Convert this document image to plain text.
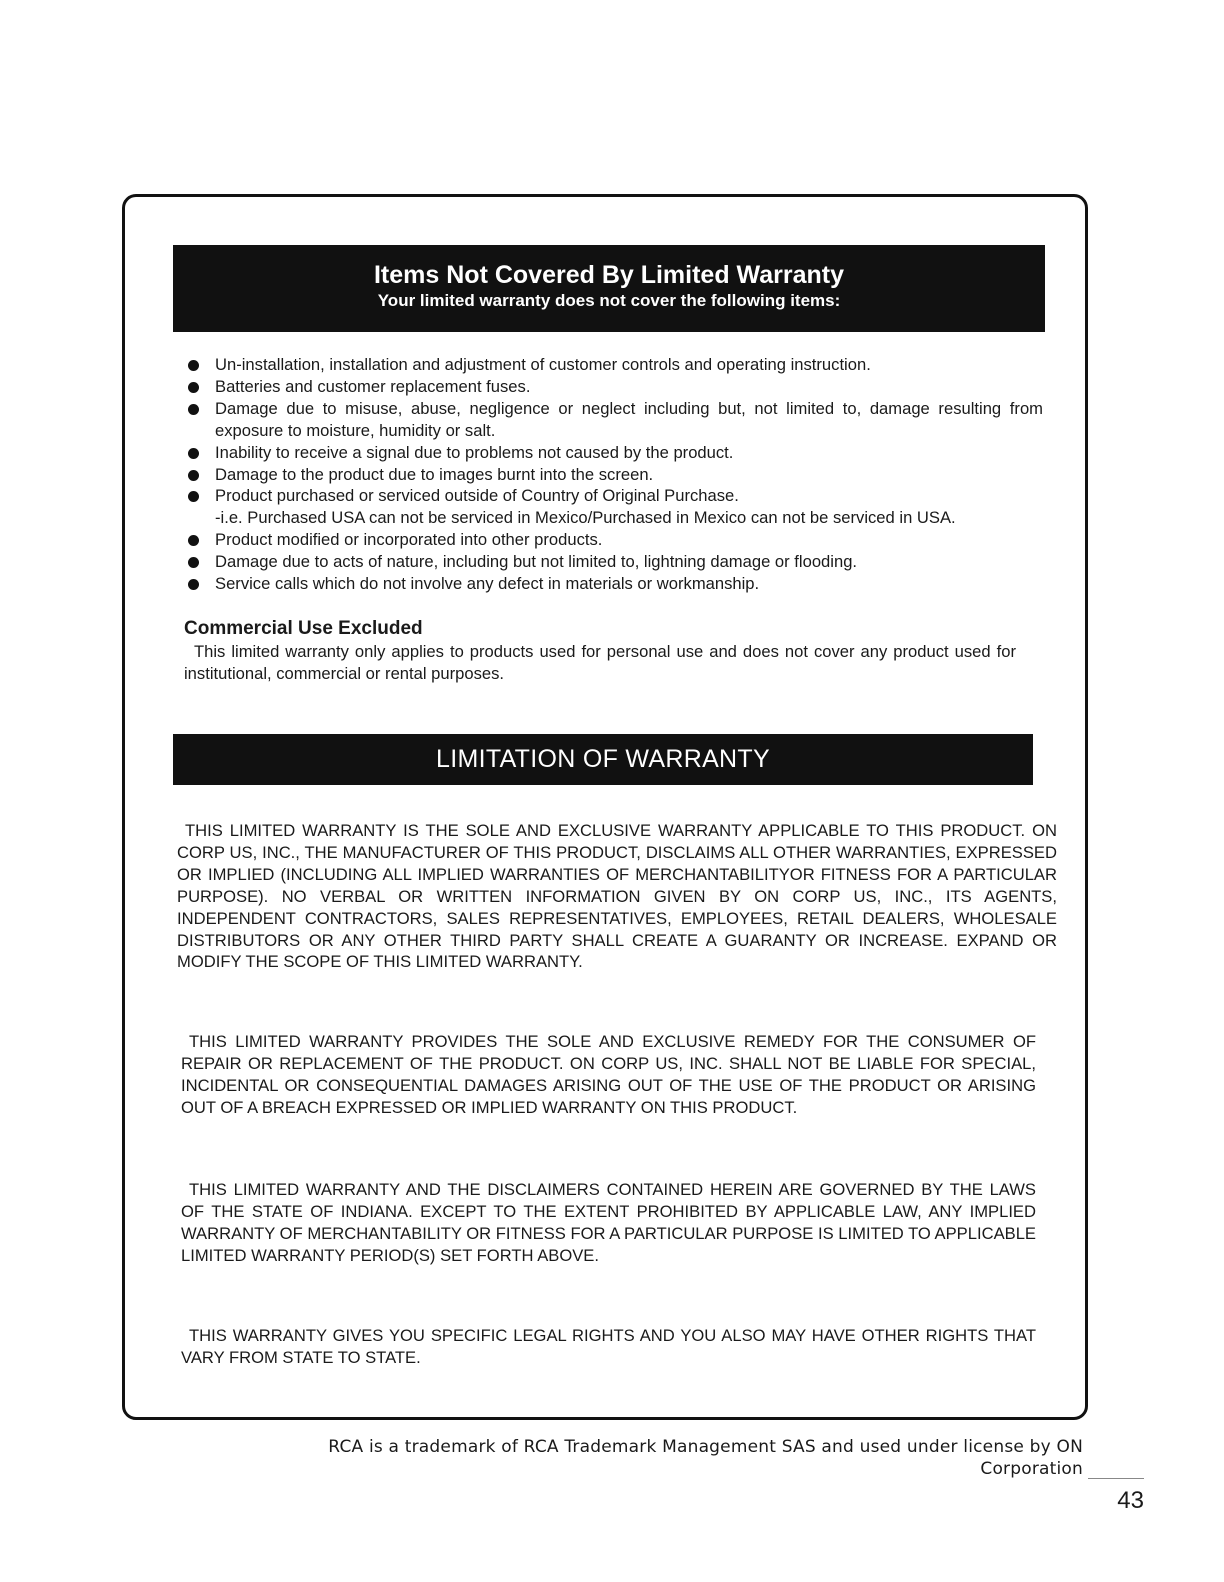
Items Not Covered By Limited Warranty
Your limited warranty does not cover the following items:
Un-installation, installation and adjustment of customer controls and operating instruction.
Batteries and customer replacement fuses.
Damage due to misuse, abuse, negligence or neglect including but, not limited to, damage resulting from exposure to moisture, humidity or salt.
Inability to receive a signal due to problems not caused by the product.
Damage to the product due to images burnt into the screen.
Product purchased or serviced outside of Country of Original Purchase.
-i.e. Purchased USA can not be serviced in Mexico/Purchased in Mexico can not be serviced in USA.
Product modified or incorporated into other products.
Damage due to acts of nature, including but not limited to, lightning damage or flooding.
Service calls which do not involve any defect in materials or workmanship.
Commercial Use Excluded
This limited warranty only applies to products used for personal use and does not cover any product used for institutional, commercial or rental purposes.
LIMITATION OF WARRANTY

THIS LIMITED WARRANTY IS THE SOLE AND EXCLUSIVE WARRANTY APPLICABLE TO THIS PRODUCT. ON CORP US, INC., THE MANUFACTURER OF THIS PRODUCT, DISCLAIMS ALL OTHER WARRANTIES, EXPRESSED OR IMPLIED (INCLUDING ALL IMPLIED WARRANTIES OF MERCHANTABILITYOR FITNESS FOR A PARTICULAR PURPOSE). NO VERBAL OR WRITTEN INFORMATION GIVEN BY ON CORP US, INC., ITS AGENTS, INDEPENDENT CONTRACTORS, SALES REPRESENTATIVES, EMPLOYEES, RETAIL DEALERS, WHOLESALE DISTRIBUTORS OR ANY OTHER THIRD PARTY SHALL CREATE A GUARANTY OR INCREASE. EXPAND OR MODIFY THE SCOPE OF THIS LIMITED WARRANTY.

THIS LIMITED WARRANTY PROVIDES THE SOLE AND EXCLUSIVE REMEDY FOR THE CONSUMER OF REPAIR OR REPLACEMENT OF THE PRODUCT. ON CORP US, INC. SHALL NOT BE LIABLE FOR SPECIAL, INCIDENTAL OR CONSEQUENTIAL DAMAGES ARISING OUT OF THE USE OF THE PRODUCT OR ARISING OUT OF A BREACH EXPRESSED OR IMPLIED WARRANTY ON THIS PRODUCT.

THIS LIMITED WARRANTY AND THE DISCLAIMERS CONTAINED HEREIN ARE GOVERNED BY THE LAWS OF THE STATE OF INDIANA. EXCEPT TO THE EXTENT PROHIBITED BY APPLICABLE LAW, ANY IMPLIED WARRANTY OF MERCHANTABILITY OR FITNESS FOR A PARTICULAR PURPOSE IS LIMITED TO APPLICABLE LIMITED WARRANTY PERIOD(S) SET FORTH ABOVE.

THIS WARRANTY GIVES YOU SPECIFIC LEGAL RIGHTS AND YOU ALSO MAY HAVE OTHER RIGHTS THAT VARY FROM STATE TO STATE.

RCA is a trademark of RCA Trademark Management SAS and used under license by ON Corporation
43
